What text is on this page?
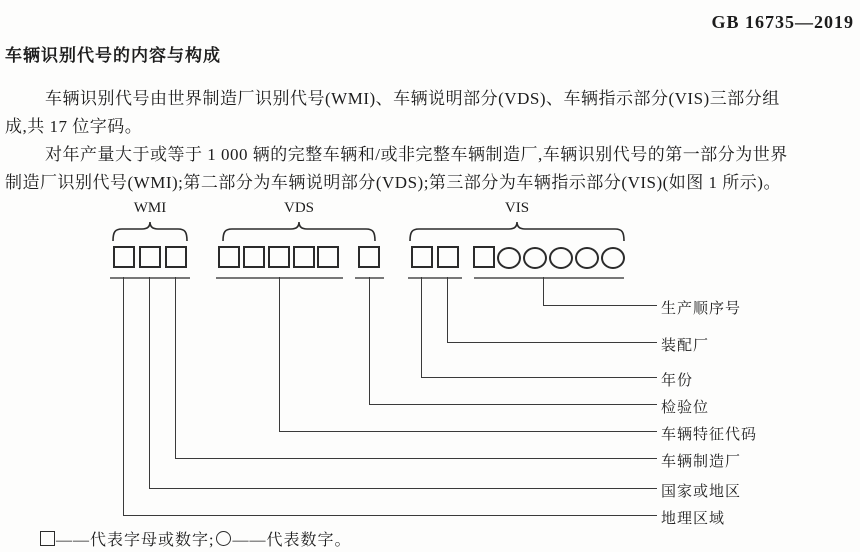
GB 16735—2019
车辆识别代号的内容与构成
车辆识别代号由世界制造厂识别代号(WMI)、车辆说明部分(VDS)、车辆指示部分(VIS)三部分组
成,共 17 位字码。
对年产量大于或等于 1 000 辆的完整车辆和/或非完整车辆制造厂,车辆识别代号的第一部分为世界
制造厂识别代号(WMI);第二部分为车辆说明部分(VDS);第三部分为车辆指示部分(VIS)(如图 1 所示)。
WMI	VDS	VIS
生产顺序号
装配厂
年份
检验位
车辆特征代码
车辆制造厂
国家或地区
地理区域
——代表字母或数字; ——代表数字。
